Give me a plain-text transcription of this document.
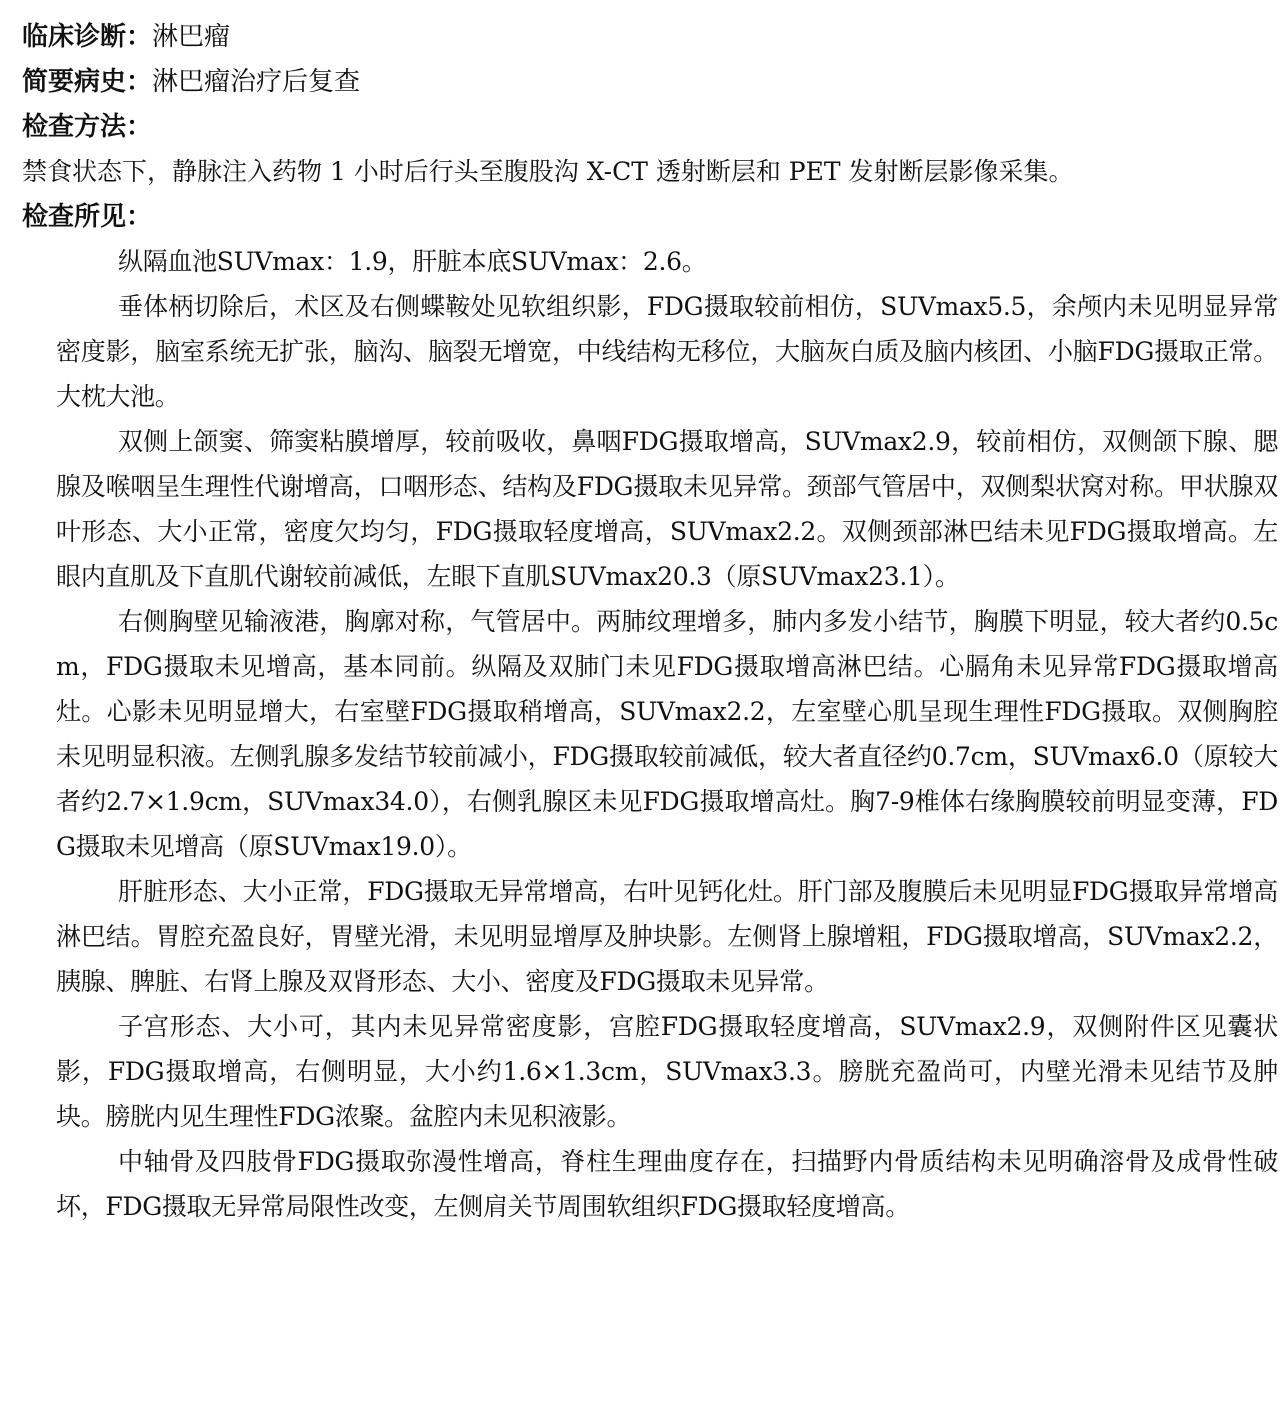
临床诊断：淋巴瘤
简要病史：淋巴瘤治疗后复查
检查方法：
禁食状态下，静脉注入药物 1 小时后行头至腹股沟 X-CT 透射断层和 PET 发射断层影像采集。
检查所见：

纵隔血池SUVmax：1.9，肝脏本底SUVmax：2.6。

垂体柄切除后，术区及右侧蝶鞍处见软组织影，FDG摄取较前相仿，SUVmax5.5，余颅内未见明显异常密度影，脑室系统无扩张，脑沟、脑裂无增宽，中线结构无移位，大脑灰白质及脑内核团、小脑FDG摄取正常。大枕大池。

双侧上颌窦、筛窦粘膜增厚，较前吸收，鼻咽FDG摄取增高，SUVmax2.9，较前相仿，双侧颌下腺、腮腺及喉咽呈生理性代谢增高，口咽形态、结构及FDG摄取未见异常。颈部气管居中，双侧梨状窝对称。甲状腺双叶形态、大小正常，密度欠均匀，FDG摄取轻度增高，SUVmax2.2。双侧颈部淋巴结未见FDG摄取增高。左眼内直肌及下直肌代谢较前减低，左眼下直肌SUVmax20.3（原SUVmax23.1）。

右侧胸壁见输液港，胸廓对称，气管居中。两肺纹理增多，肺内多发小结节，胸膜下明显，较大者约0.5cm，FDG摄取未见增高，基本同前。纵隔及双肺门未见FDG摄取增高淋巴结。心膈角未见异常FDG摄取增高灶。心影未见明显增大，右室壁FDG摄取稍增高，SUVmax2.2，左室壁心肌呈现生理性FDG摄取。双侧胸腔未见明显积液。左侧乳腺多发结节较前减小，FDG摄取较前减低，较大者直径约0.7cm，SUVmax6.0（原较大者约2.7×1.9cm，SUVmax34.0），右侧乳腺区未见FDG摄取增高灶。胸7-9椎体右缘胸膜较前明显变薄，FDG摄取未见增高（原SUVmax19.0）。

肝脏形态、大小正常，FDG摄取无异常增高，右叶见钙化灶。肝门部及腹膜后未见明显FDG摄取异常增高淋巴结。胃腔充盈良好，胃壁光滑，未见明显增厚及肿块影。左侧肾上腺增粗，FDG摄取增高，SUVmax2.2，胰腺、脾脏、右肾上腺及双肾形态、大小、密度及FDG摄取未见异常。

子宫形态、大小可，其内未见异常密度影，宫腔FDG摄取轻度增高，SUVmax2.9，双侧附件区见囊状影，FDG摄取增高，右侧明显，大小约1.6×1.3cm，SUVmax3.3。膀胱充盈尚可，内壁光滑未见结节及肿块。膀胱内见生理性FDG浓聚。盆腔内未见积液影。

中轴骨及四肢骨FDG摄取弥漫性增高，脊柱生理曲度存在，扫描野内骨质结构未见明确溶骨及成骨性破坏，FDG摄取无异常局限性改变，左侧肩关节周围软组织FDG摄取轻度增高。
